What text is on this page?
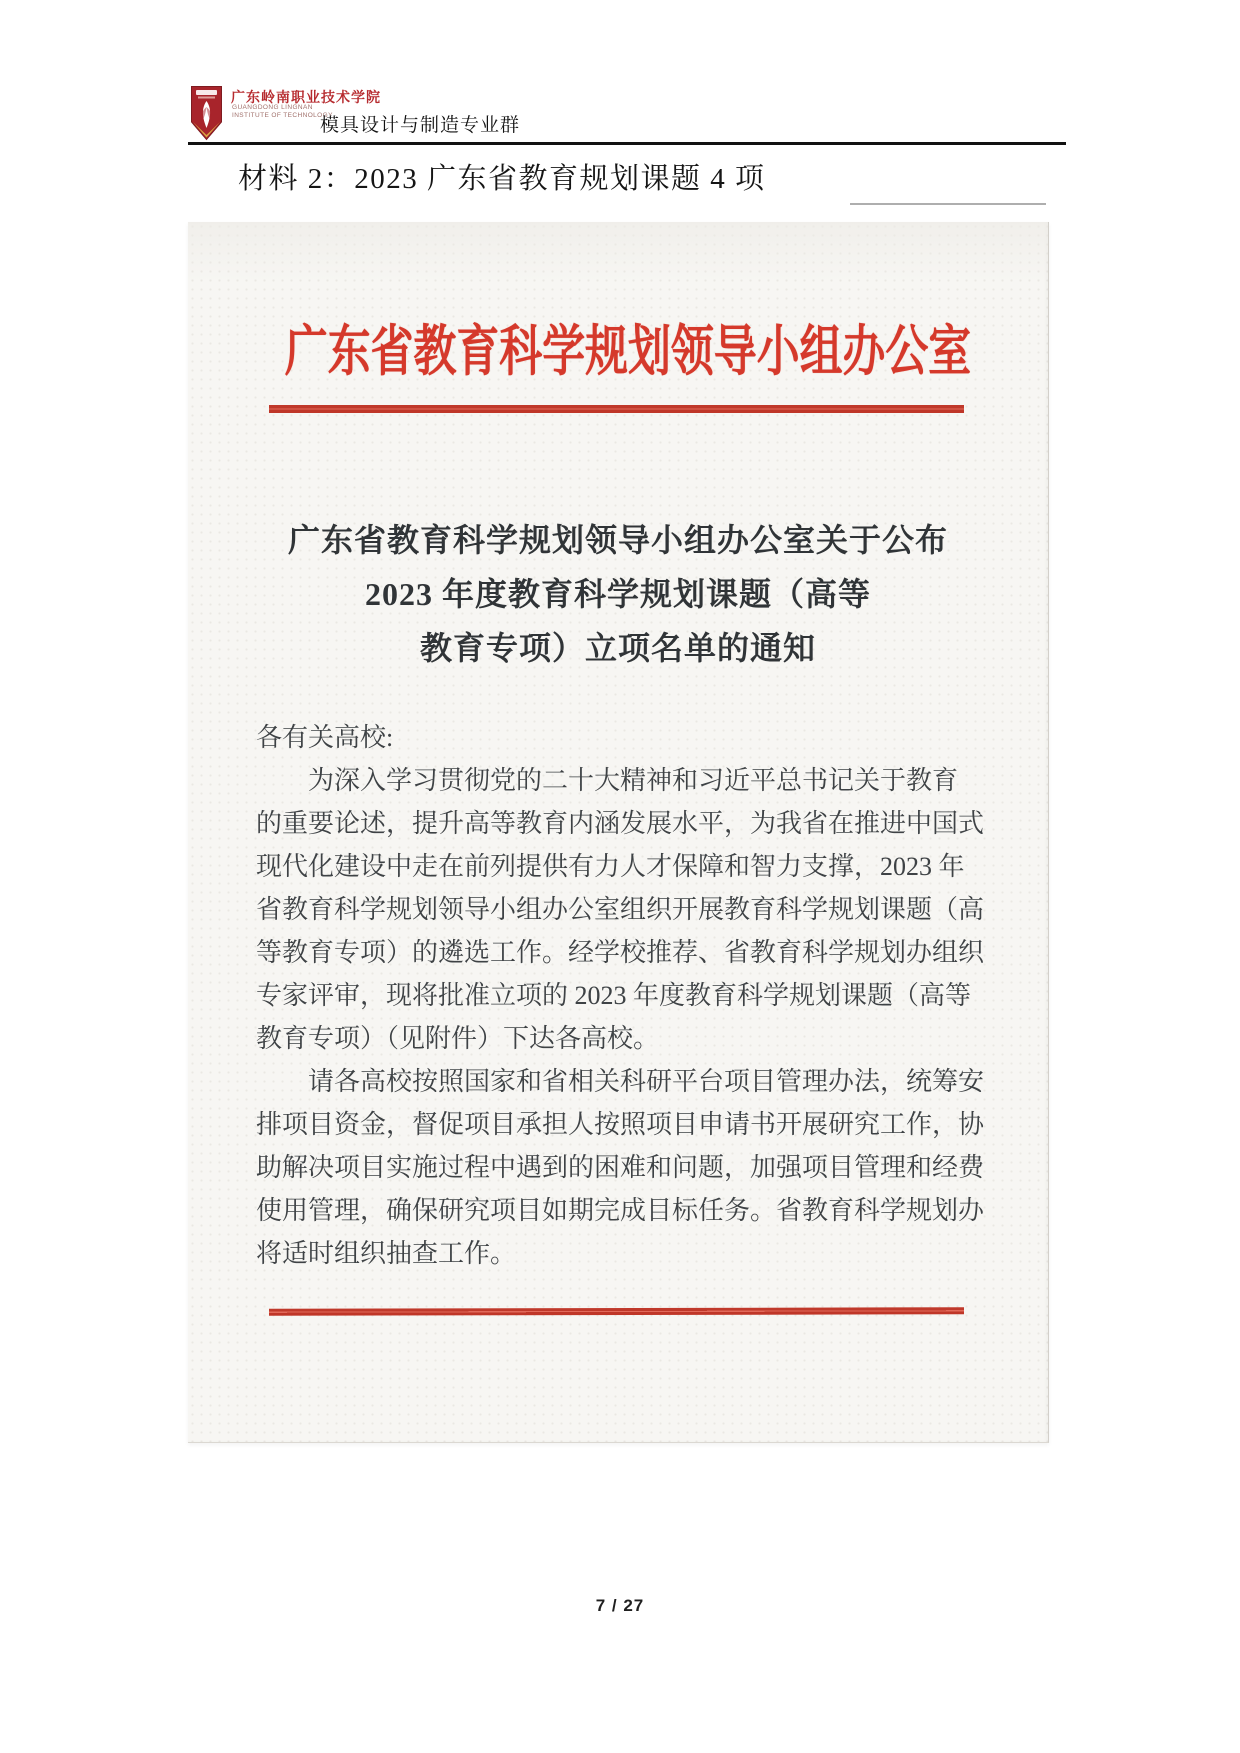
广东岭南职业技术学院
GUANGDONG LINGNAN
INSTITUTE OF TECHNOLOGY
模具设计与制造专业群
材料 2：2023 广东省教育规划课题 4 项
广东省教育科学规划领导小组办公室
广东省教育科学规划领导小组办公室关于公布
2023 年度教育科学规划课题（高等
教育专项）立项名单的通知
各有关高校:
为深入学习贯彻党的二十大精神和习近平总书记关于教育
的重要论述，提升高等教育内涵发展水平，为我省在推进中国式
现代化建设中走在前列提供有力人才保障和智力支撑，2023 年
省教育科学规划领导小组办公室组织开展教育科学规划课题（高
等教育专项）的遴选工作。经学校推荐、省教育科学规划办组织
专家评审，现将批准立项的 2023 年度教育科学规划课题（高等
教育专项）（见附件）下达各高校。
请各高校按照国家和省相关科研平台项目管理办法，统筹安
排项目资金，督促项目承担人按照项目申请书开展研究工作，协
助解决项目实施过程中遇到的困难和问题，加强项目管理和经费
使用管理，确保研究项目如期完成目标任务。省教育科学规划办
将适时组织抽查工作。
7 / 27
